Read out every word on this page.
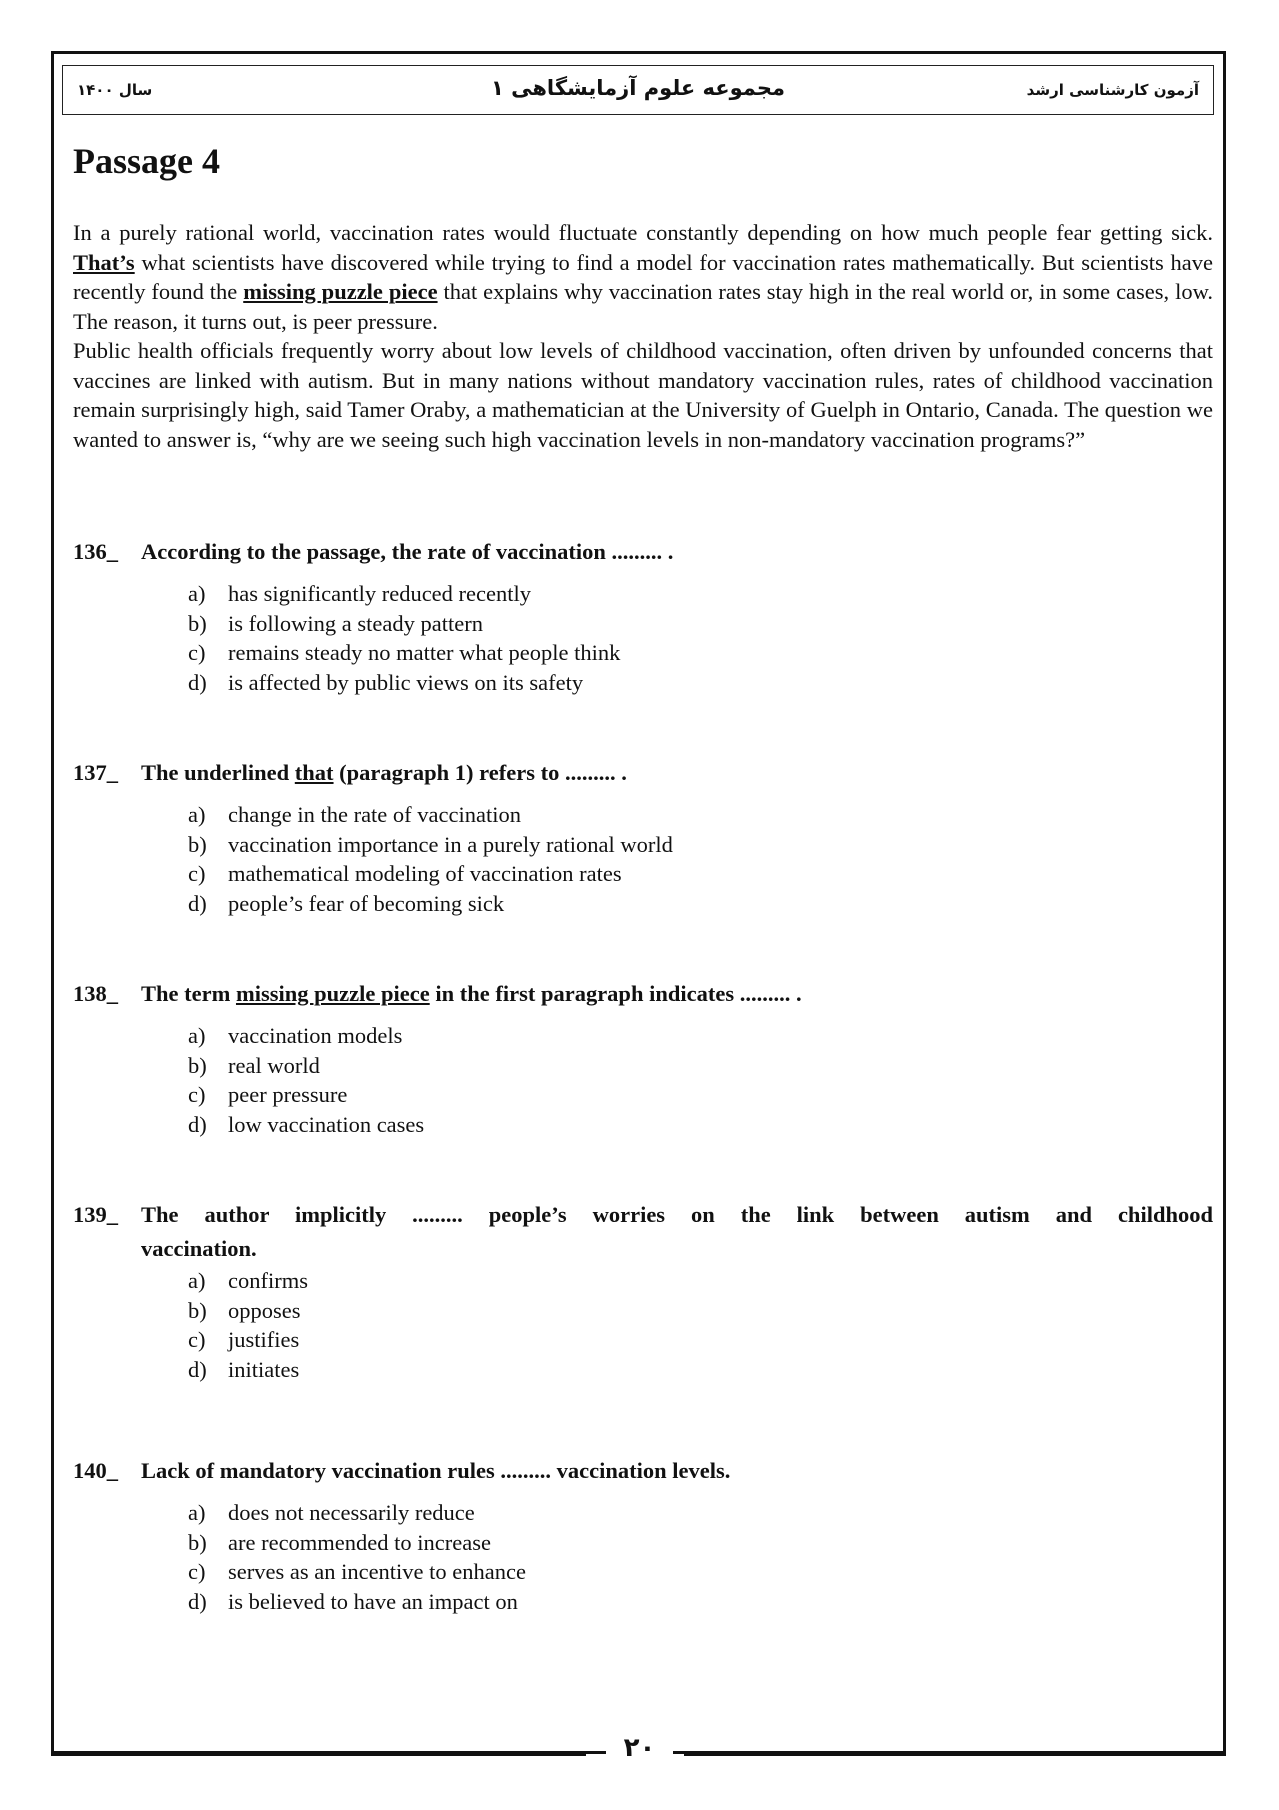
سال ۱۴۰۰	مجموعه علوم آزمایشگاهی ۱	آزمون کارشناسی ارشد
Passage 4

In a purely rational world, vaccination rates would fluctuate constantly depending on how much people fear getting sick. That’s what scientists have discovered while trying to find a model for vaccination rates mathematically. But scientists have recently found the missing puzzle piece that explains why vaccination rates stay high in the real world or, in some cases, low. The reason, it turns out, is peer pressure.

Public health officials frequently worry about low levels of childhood vaccination, often driven by unfounded concerns that vaccines are linked with autism. But in many nations without mandatory vaccination rules, rates of childhood vaccination remain surprisingly high, said Tamer Oraby, a mathematician at the University of Guelph in Ontario, Canada. The question we wanted to answer is, “why are we seeing such high vaccination levels in non-mandatory vaccination programs?”

136_	According to the passage, the rate of vaccination ......... .
a)	has significantly reduced recently
b) is following a steady pattern
c)	remains steady no matter what people think
d) is affected by public views on its safety
137_	The underlined that (paragraph 1) refers to ......... .
a)	change in the rate of vaccination
b) vaccination importance in a purely rational world
c)	mathematical modeling of vaccination rates
d) people’s fear of becoming sick
138_	The term missing puzzle piece in the first paragraph indicates ......... .
a)	vaccination models
b) real world
c)	peer pressure
d) low vaccination cases
139_	The author implicitly ......... people’s worries on the link between autism and childhood
vaccination.
a)	confirms
b) opposes
c)	justifies
d) initiates
140_	Lack of mandatory vaccination rules ......... vaccination levels.
a)	does not necessarily reduce
b) are recommended to increase
c)	serves as an incentive to enhance
d) is believed to have an impact on
۲۰
